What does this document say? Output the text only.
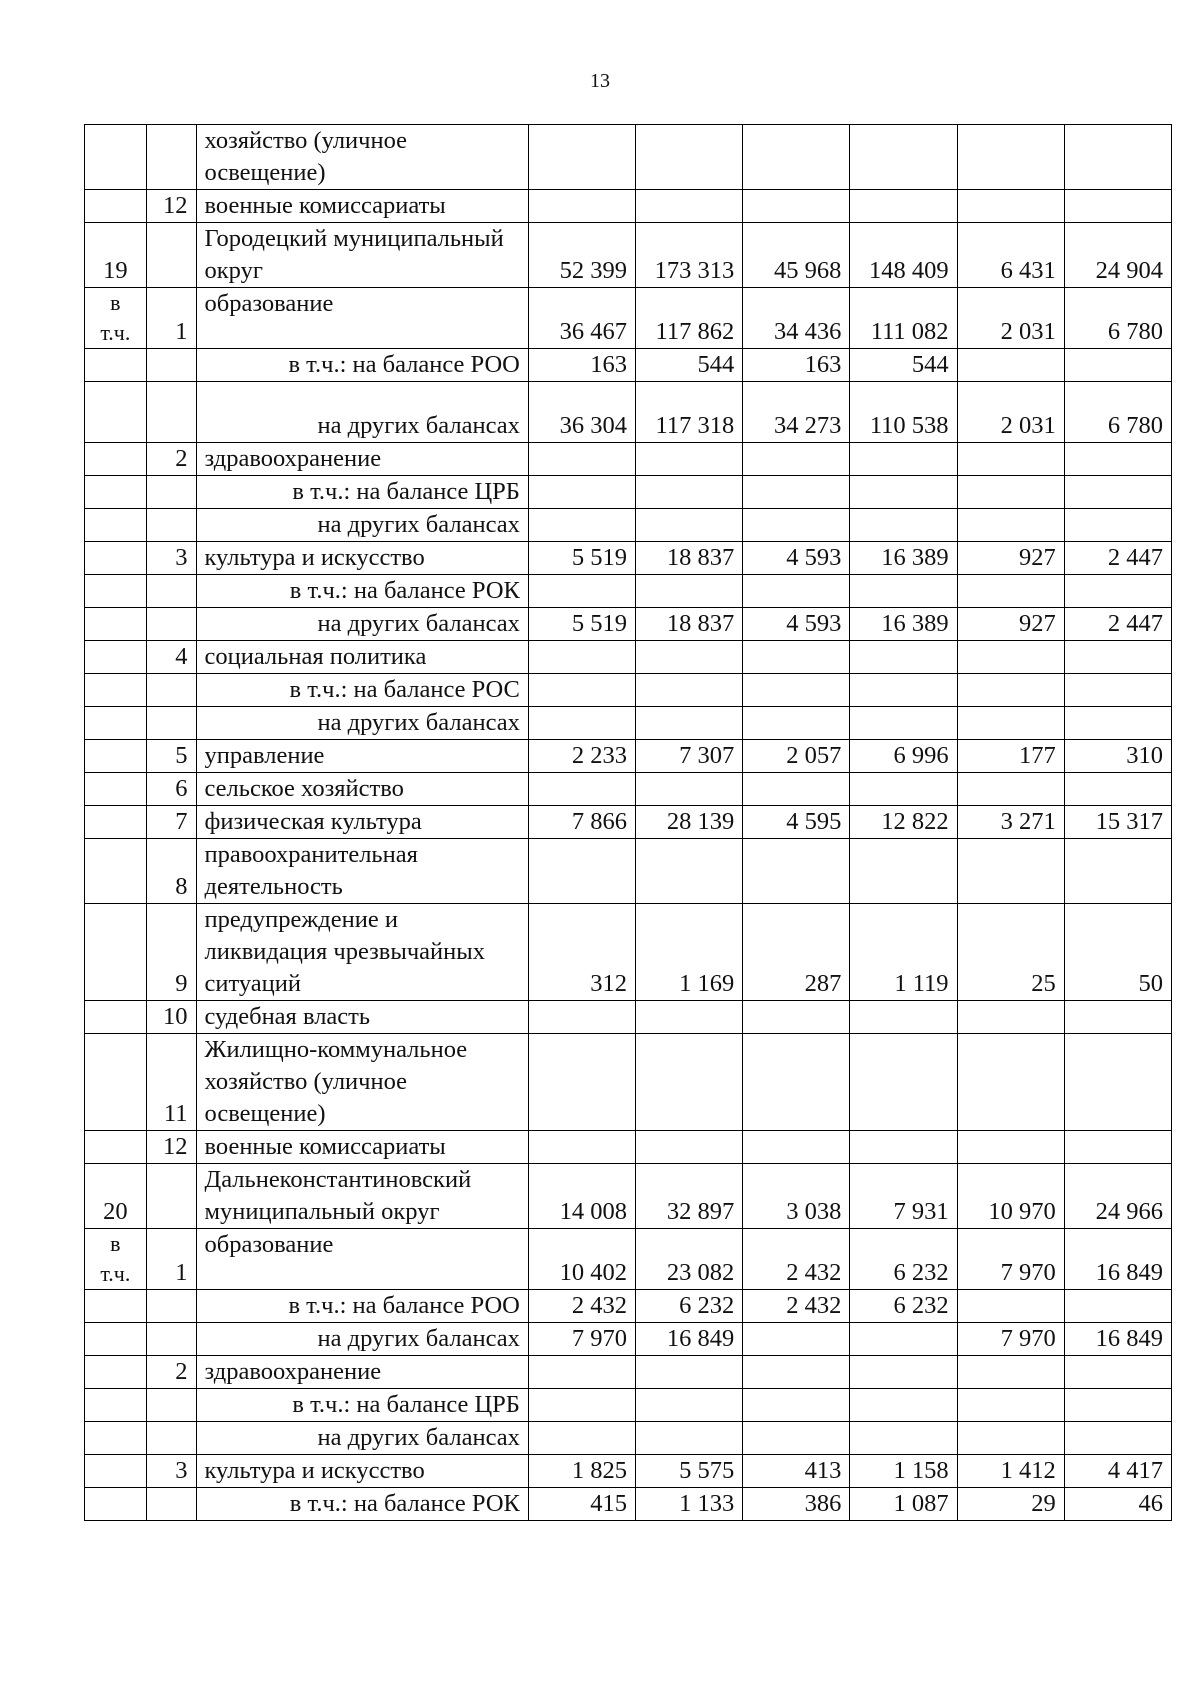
13
		хозяйство (уличное освещение)						
	12	военные комиссариаты						
19		Городецкий муниципальный округ	52 399	173 313	45 968	148 409	6 431	24 904
в т.ч.	1	образование	36 467	117 862	34 436	111 082	2 031	6 780
		в т.ч.: на балансе РОО	163	544	163	544		
		на других балансах	36 304	117 318	34 273	110 538	2 031	6 780
	2	здравоохранение						
		в т.ч.: на балансе ЦРБ						
		на других балансах						
	3	культура и искусство	5 519	18 837	4 593	16 389	927	2 447
		в т.ч.: на балансе РОК						
		на других балансах	5 519	18 837	4 593	16 389	927	2 447
	4	социальная политика						
		в т.ч.: на балансе РОС						
		на других балансах						
	5	управление	2 233	7 307	2 057	6 996	177	310
	6	сельское хозяйство						
	7	физическая культура	7 866	28 139	4 595	12 822	3 271	15 317
	8	правоохранительная деятельность						
	9	предупреждение и ликвидация чрезвычайных ситуаций	312	1 169	287	1 119	25	50
	10	судебная власть						
	11	Жилищно-коммунальное хозяйство (уличное освещение)						
	12	военные комиссариаты						
20		Дальнеконстантиновский муниципальный округ	14 008	32 897	3 038	7 931	10 970	24 966
в т.ч.	1	образование	10 402	23 082	2 432	6 232	7 970	16 849
		в т.ч.: на балансе РОО	2 432	6 232	2 432	6 232		
		на других балансах	7 970	16 849			7 970	16 849
	2	здравоохранение						
		в т.ч.: на балансе ЦРБ						
		на других балансах						
	3	культура и искусство	1 825	5 575	413	1 158	1 412	4 417
		в т.ч.: на балансе РОК	415	1 133	386	1 087	29	46
